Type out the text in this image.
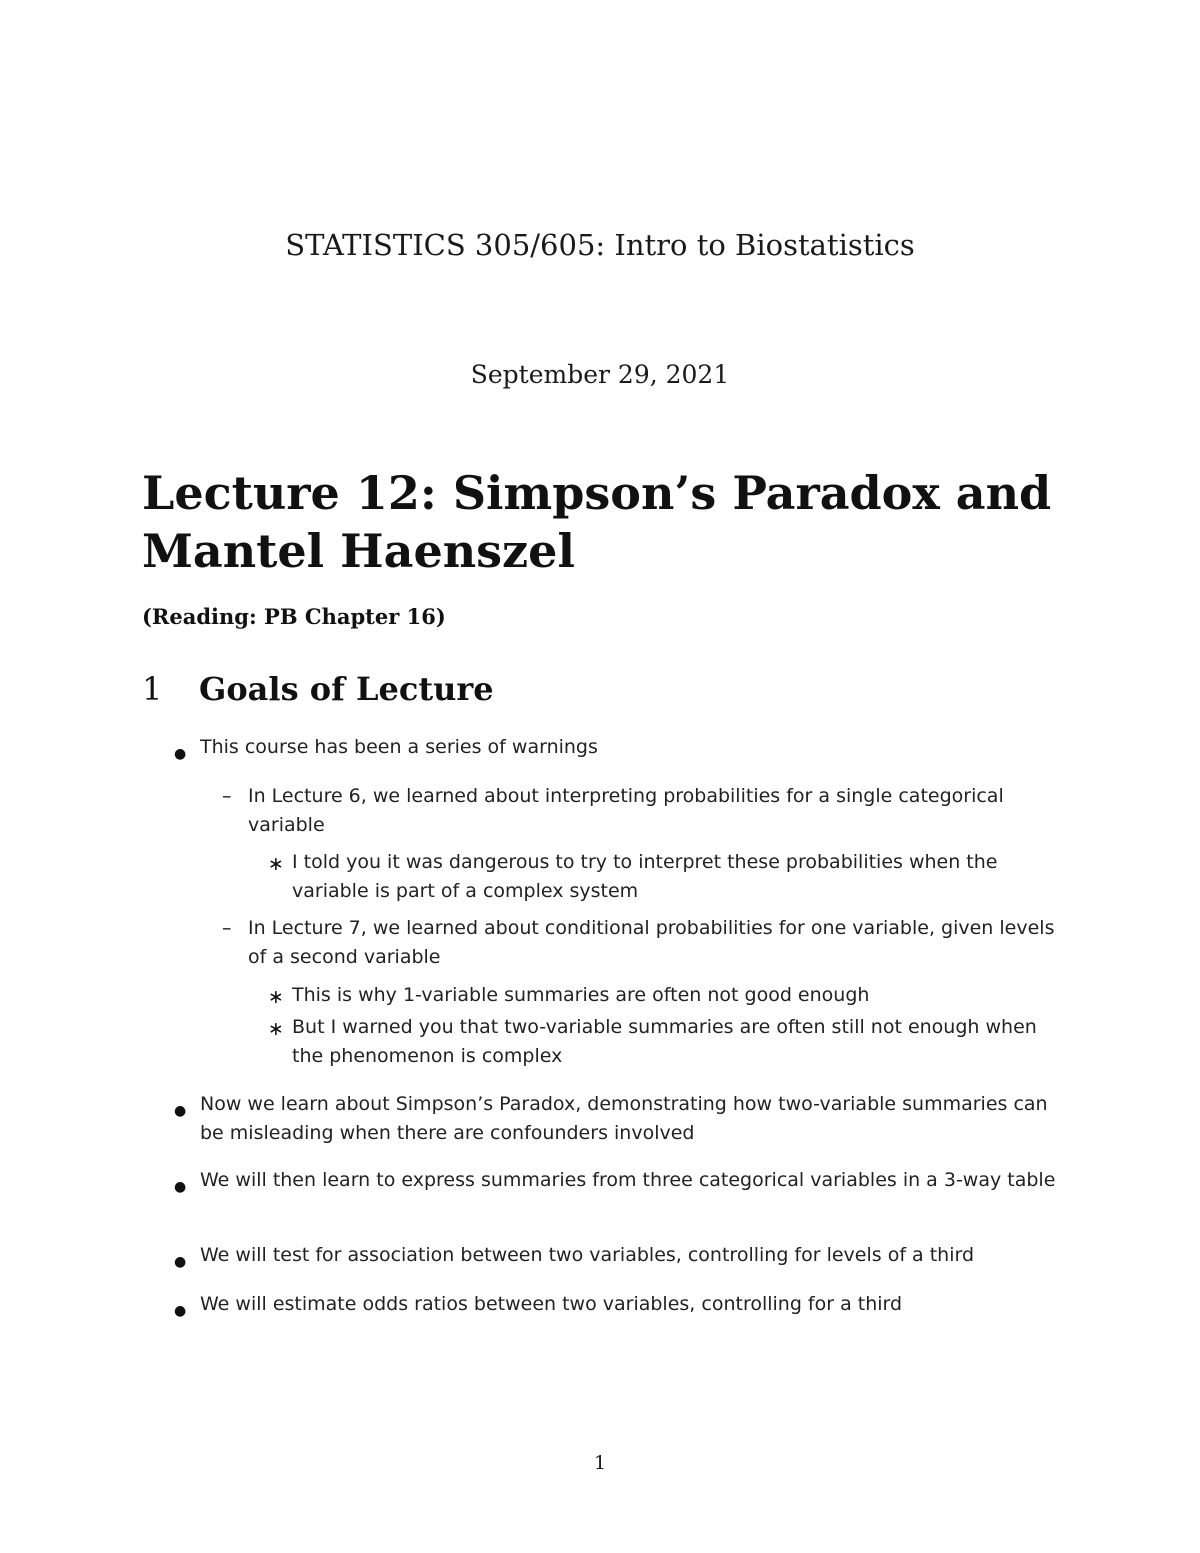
STATISTICS 305/605: Intro to Biostatistics
September 29, 2021
Lecture 12: Simpson’s Paradox and Mantel Haenszel
(Reading: PB Chapter 16)
1 Goals of Lecture
● This course has been a series of warnings
– In Lecture 6, we learned about interpreting probabilities for a single categorical variable
∗ I told you it was dangerous to try to interpret these probabilities when the variable is part of a complex system
– In Lecture 7, we learned about conditional probabilities for one variable, given levels of a second variable
∗ This is why 1-variable summaries are often not good enough
∗ But I warned you that two-variable summaries are often still not enough when the phenomenon is complex
● Now we learn about Simpson’s Paradox, demonstrating how two-variable summaries can be misleading when there are confounders involved
● We will then learn to express summaries from three categorical variables in a 3-way table
● We will test for association between two variables, controlling for levels of a third
● We will estimate odds ratios between two variables, controlling for a third
1
